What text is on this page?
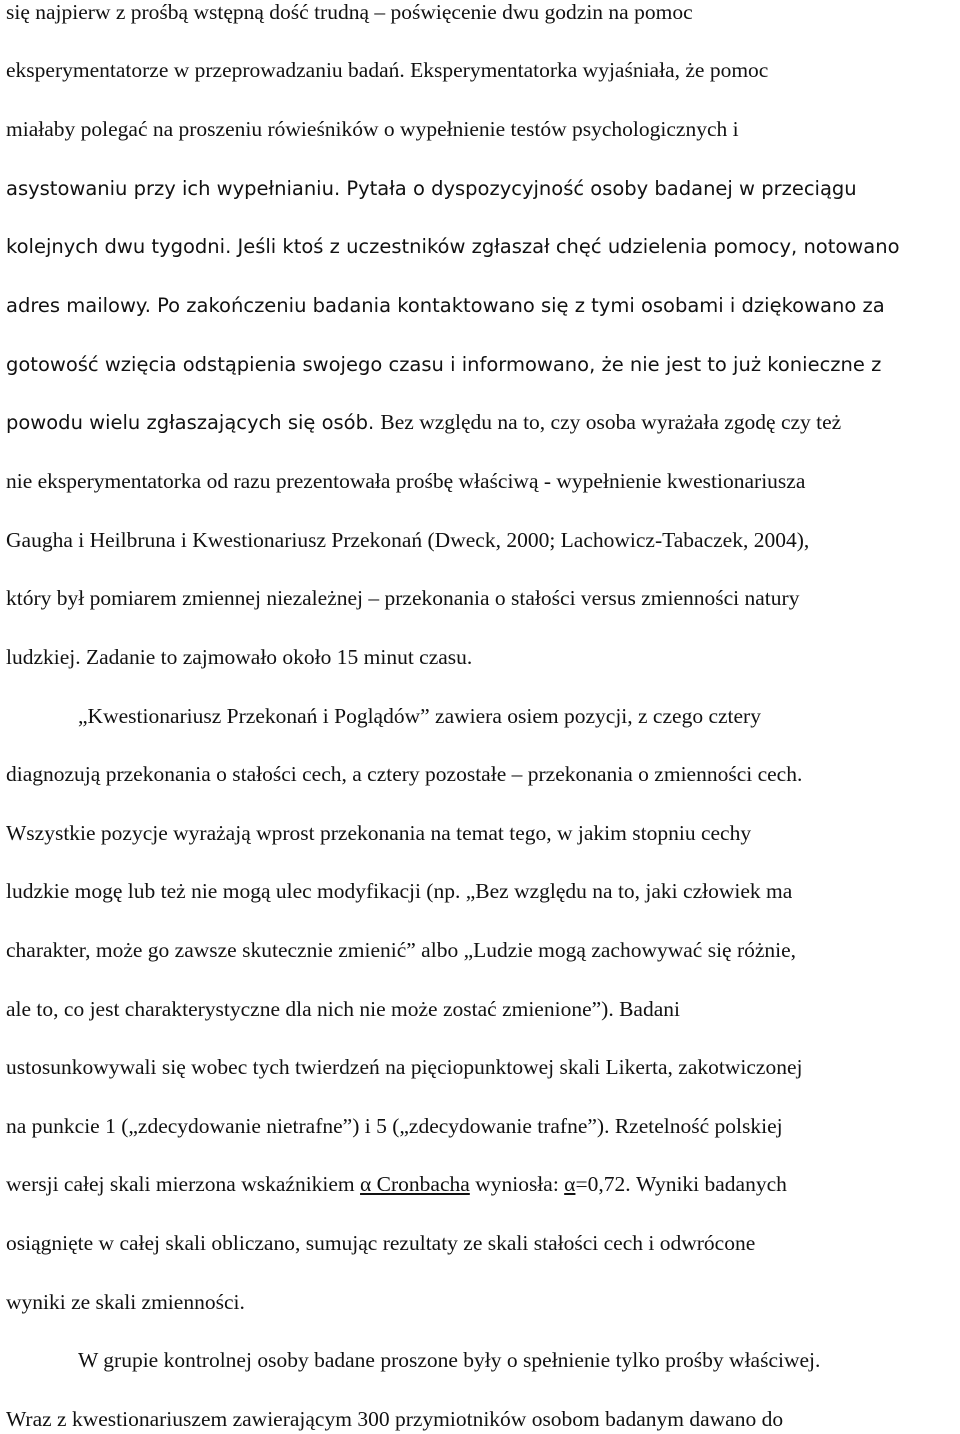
się najpierw z prośbą wstępną dość trudną – poświęcenie dwu godzin na pomoc
eksperymentatorze w przeprowadzaniu badań. Eksperymentatorka wyjaśniała, że pomoc
miałaby polegać na proszeniu rówieśników o wypełnienie testów psychologicznych i
asystowaniu przy ich wypełnianiu. Pytała o dyspozycyjność osoby badanej w przeciągu
kolejnych dwu tygodni. Jeśli ktoś z uczestników zgłaszał chęć udzielenia pomocy, notowano
adres mailowy. Po zakończeniu badania kontaktowano się z tymi osobami i dziękowano za
gotowość wzięcia odstąpienia swojego czasu i informowano, że nie jest to już konieczne z
powodu wielu zgłaszających się osób. Bez względu na to, czy osoba wyrażała zgodę czy też
nie eksperymentatorka od razu prezentowała prośbę właściwą - wypełnienie kwestionariusza
Gaugha i Heilbruna i Kwestionariusz Przekonań (Dweck, 2000; Lachowicz-Tabaczek, 2004),
który był pomiarem zmiennej niezależnej – przekonania o stałości versus zmienności natury
ludzkiej. Zadanie to zajmowało około 15 minut czasu.
„Kwestionariusz Przekonań i Poglądów” zawiera osiem pozycji, z czego cztery
diagnozują przekonania o stałości cech, a cztery pozostałe – przekonania o zmienności cech.
Wszystkie pozycje wyrażają wprost przekonania na temat tego, w jakim stopniu cechy
ludzkie mogę lub też nie mogą ulec modyfikacji (np. „Bez względu na to, jaki człowiek ma
charakter, może go zawsze skutecznie zmienić” albo „Ludzie mogą zachowywać się różnie,
ale to, co jest charakterystyczne dla nich nie może zostać zmienione”). Badani
ustosunkowywali się wobec tych twierdzeń na pięciopunktowej skali Likerta, zakotwiczonej
na punkcie 1 („zdecydowanie nietrafne”) i 5 („zdecydowanie trafne”). Rzetelność polskiej
wersji całej skali mierzona wskaźnikiem α Cronbacha wyniosła: α=0,72. Wyniki badanych
osiągnięte w całej skali obliczano, sumując rezultaty ze skali stałości cech i odwrócone
wyniki ze skali zmienności.
W grupie kontrolnej osoby badane proszone były o spełnienie tylko prośby właściwej.
Wraz z kwestionariuszem zawierającym 300 przymiotników osobom badanym dawano do
